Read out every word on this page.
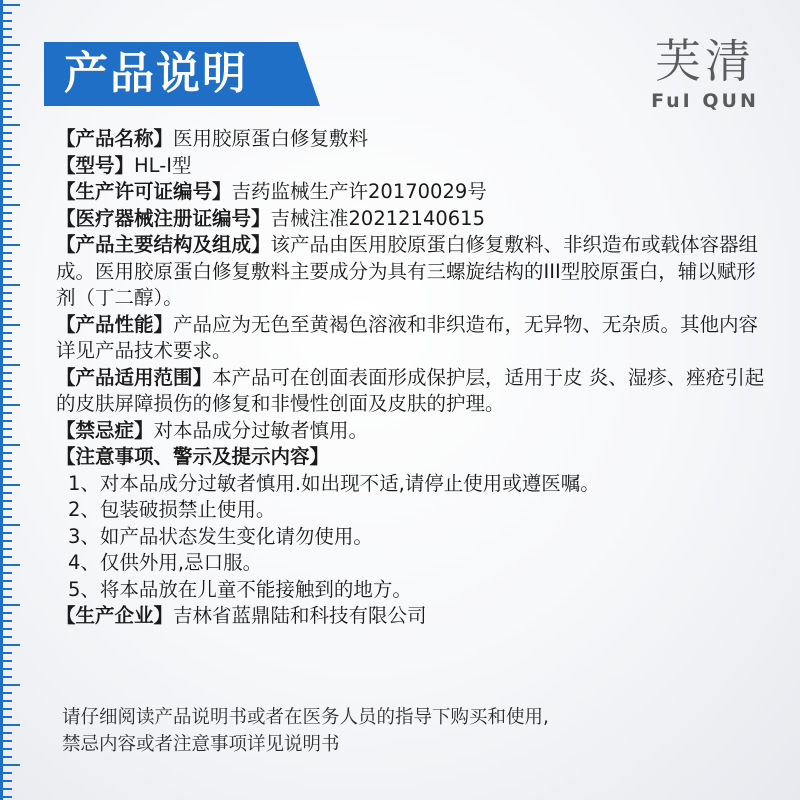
产品说明	芙清
FuI QUN
【产品名称】医用胶原蛋白修复敷料
【型号】HL-I型
【生产许可证编号】吉药监械生产许20170029号
【医疗器械注册证编号】吉械注准20212140615
【产品主要结构及组成】该产品由医用胶原蛋白修复敷料、非织造布或载体容器组成。医用胶原蛋白修复敷料主要成分为具有三螺旋结构的III型胶原蛋白，辅以赋形剂（丁二醇）。
【产品性能】产品应为无色至黄褐色溶液和非织造布，无异物、无杂质。其他内容详见产品技术要求。
【产品适用范围】本产品可在创面表面形成保护层，适用于皮 炎、湿疹、痤疮引起的皮肤屏障损伤的修复和非慢性创面及皮肤的护理。
【禁忌症】对本品成分过敏者慎用。
【注意事项、警示及提示内容】
1、对本品成分过敏者慎用.如出现不适,请停止使用或遵医嘱。
2、包装破损禁止使用。
3、如产品状态发生变化请勿使用。
4、仅供外用,忌口服。
5、将本品放在儿童不能接触到的地方。
【生产企业】吉林省蓝鼎陆和科技有限公司
请仔细阅读产品说明书或者在医务人员的指导下购买和使用,
禁忌内容或者注意事项详见说明书
